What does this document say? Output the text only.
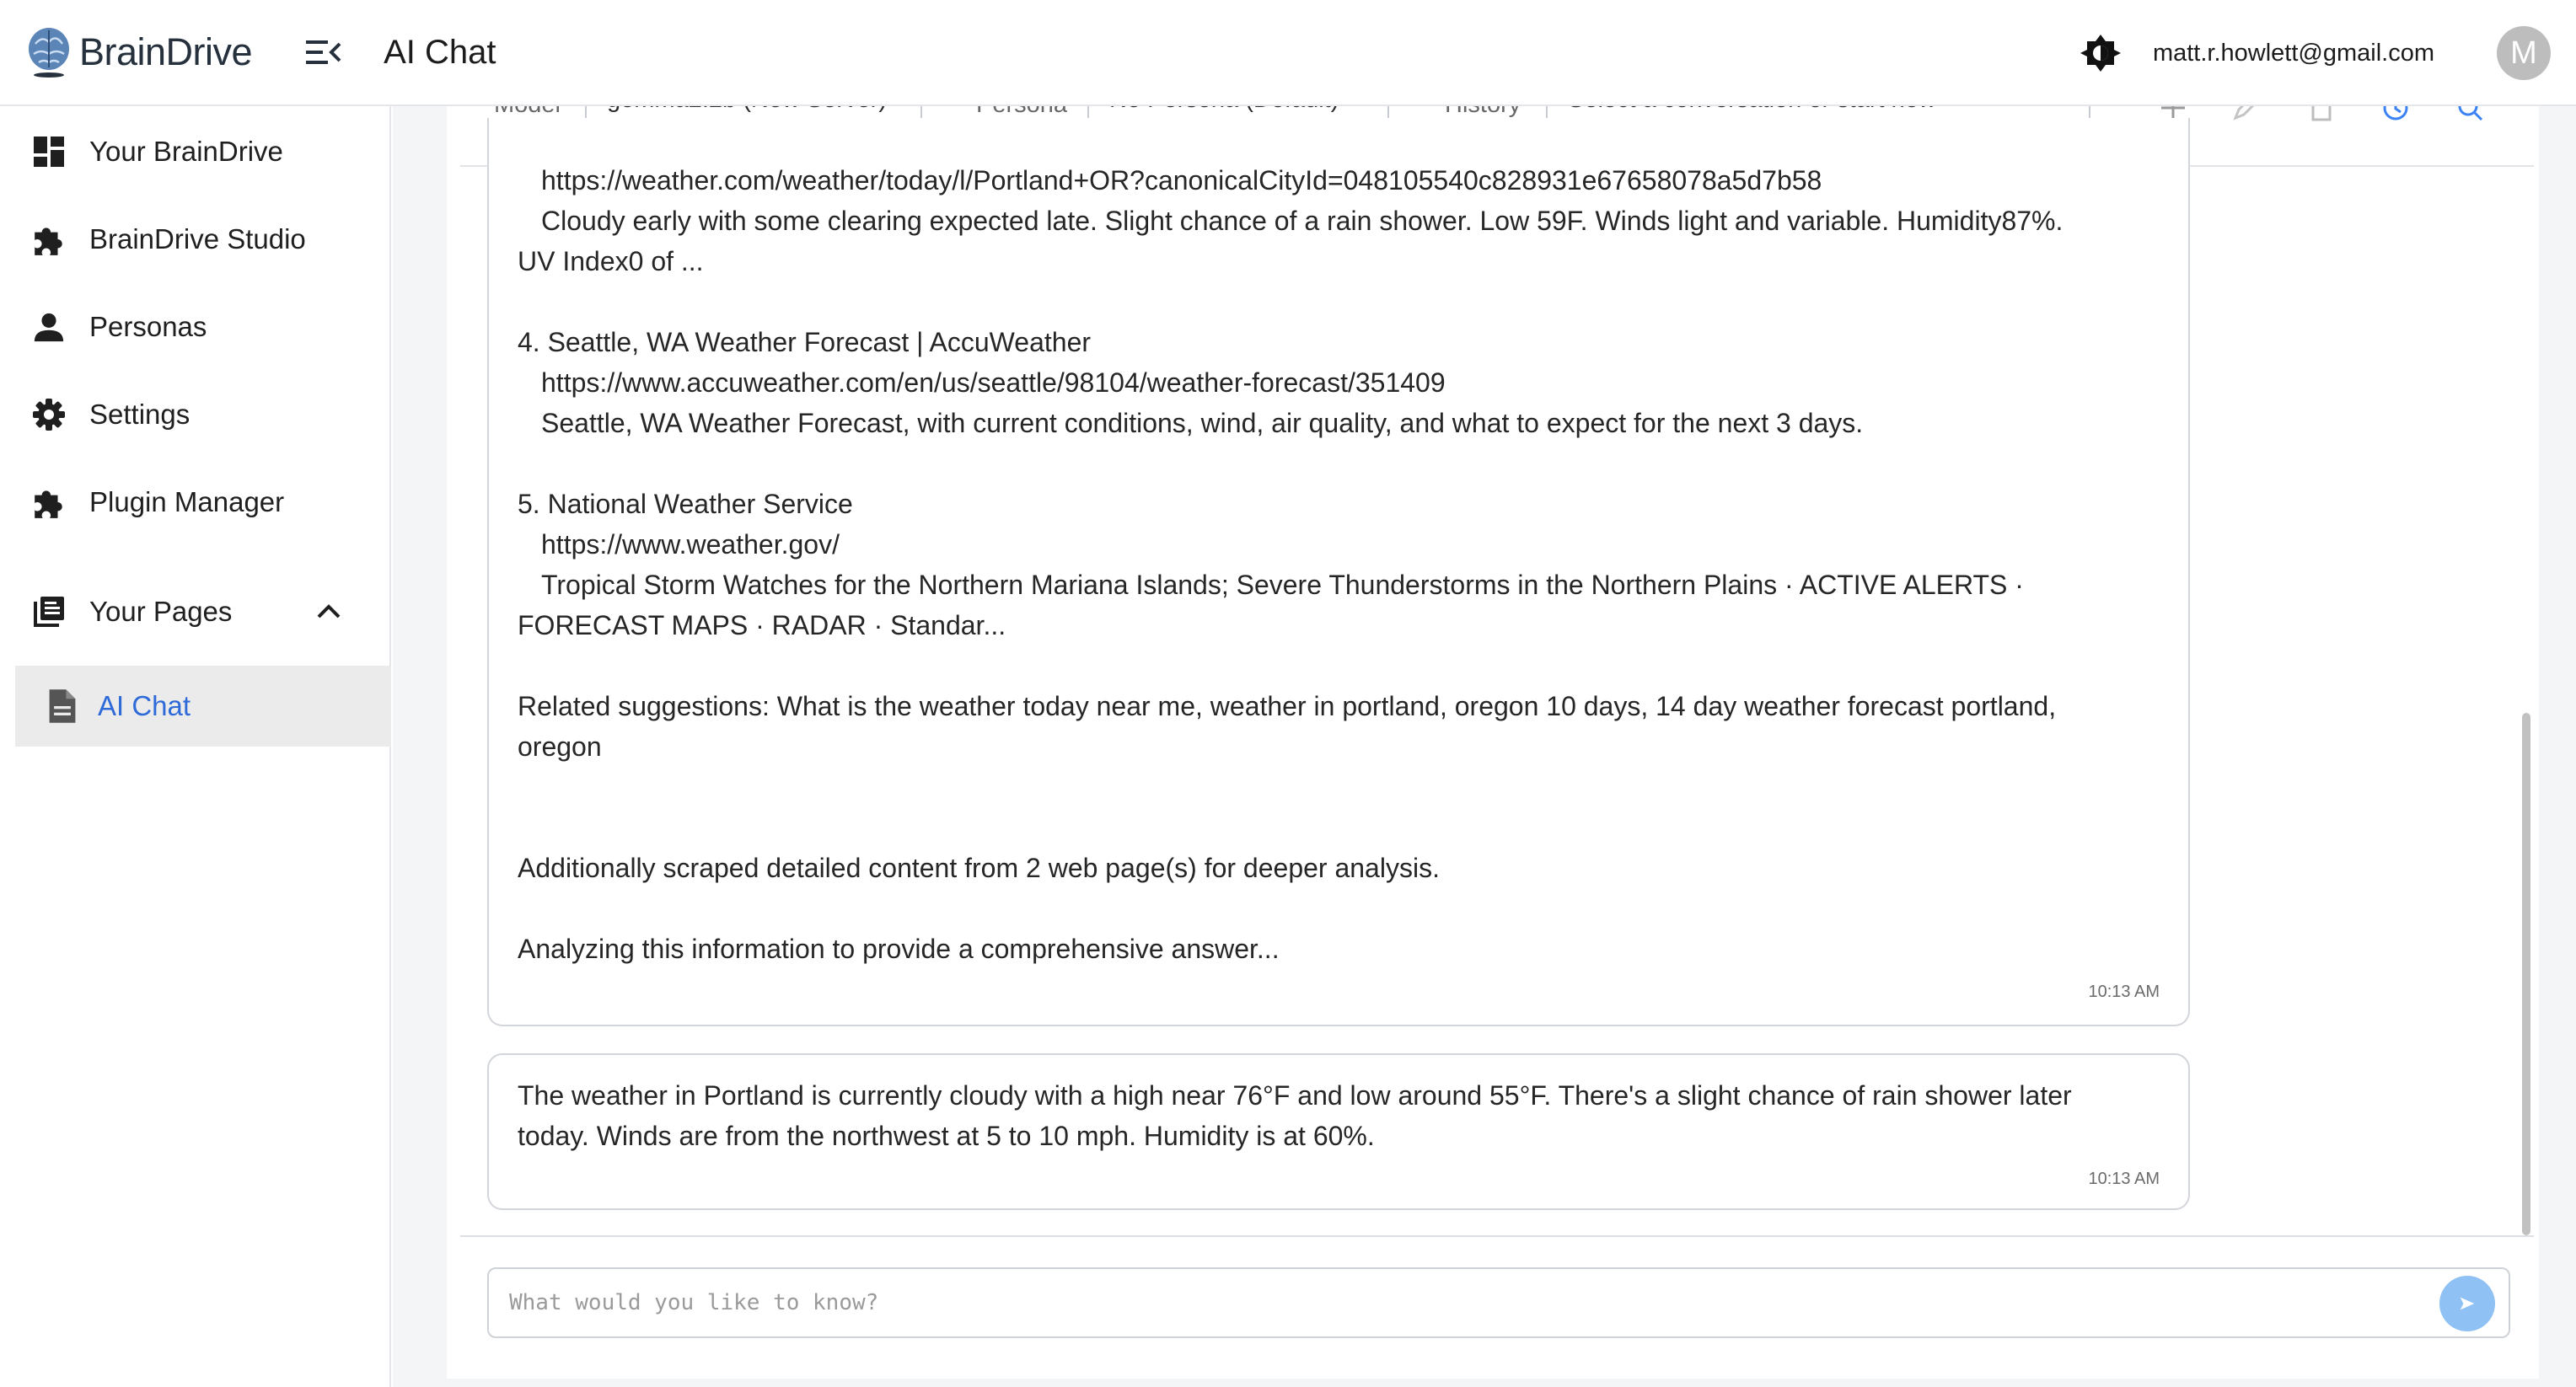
BrainDrive	AI Chat	matt.r.howlett@gmail.com	M
Your BrainDrive
BrainDrive Studio
Personas
Settings
Plugin Manager
Your Pages
AI Chat
https://weather.com/weather/today/l/Portland+OR?canonicalCityId=048105540c828931e67658078a5d7b58
Cloudy early with some clearing expected late. Slight chance of a rain shower. Low 59F. Winds light and variable. Humidity87%.
UV Index0 of ...
4. Seattle, WA Weather Forecast | AccuWeather
https://www.accuweather.com/en/us/seattle/98104/weather-forecast/351409
Seattle, WA Weather Forecast, with current conditions, wind, air quality, and what to expect for the next 3 days.
5. National Weather Service
https://www.weather.gov/
Tropical Storm Watches for the Northern Mariana Islands; Severe Thunderstorms in the Northern Plains · ACTIVE ALERTS ·
FORECAST MAPS · RADAR · Standar...
Related suggestions: What is the weather today near me, weather in portland, oregon 10 days, 14 day weather forecast portland,
oregon
Additionally scraped detailed content from 2 web page(s) for deeper analysis.
Analyzing this information to provide a comprehensive answer...
10:13 AM
The weather in Portland is currently cloudy with a high near 76°F and low around 55°F. There's a slight chance of rain shower later
today. Winds are from the northwest at 5 to 10 mph. Humidity is at 60%.
10:13 AM
What would you like to know?
